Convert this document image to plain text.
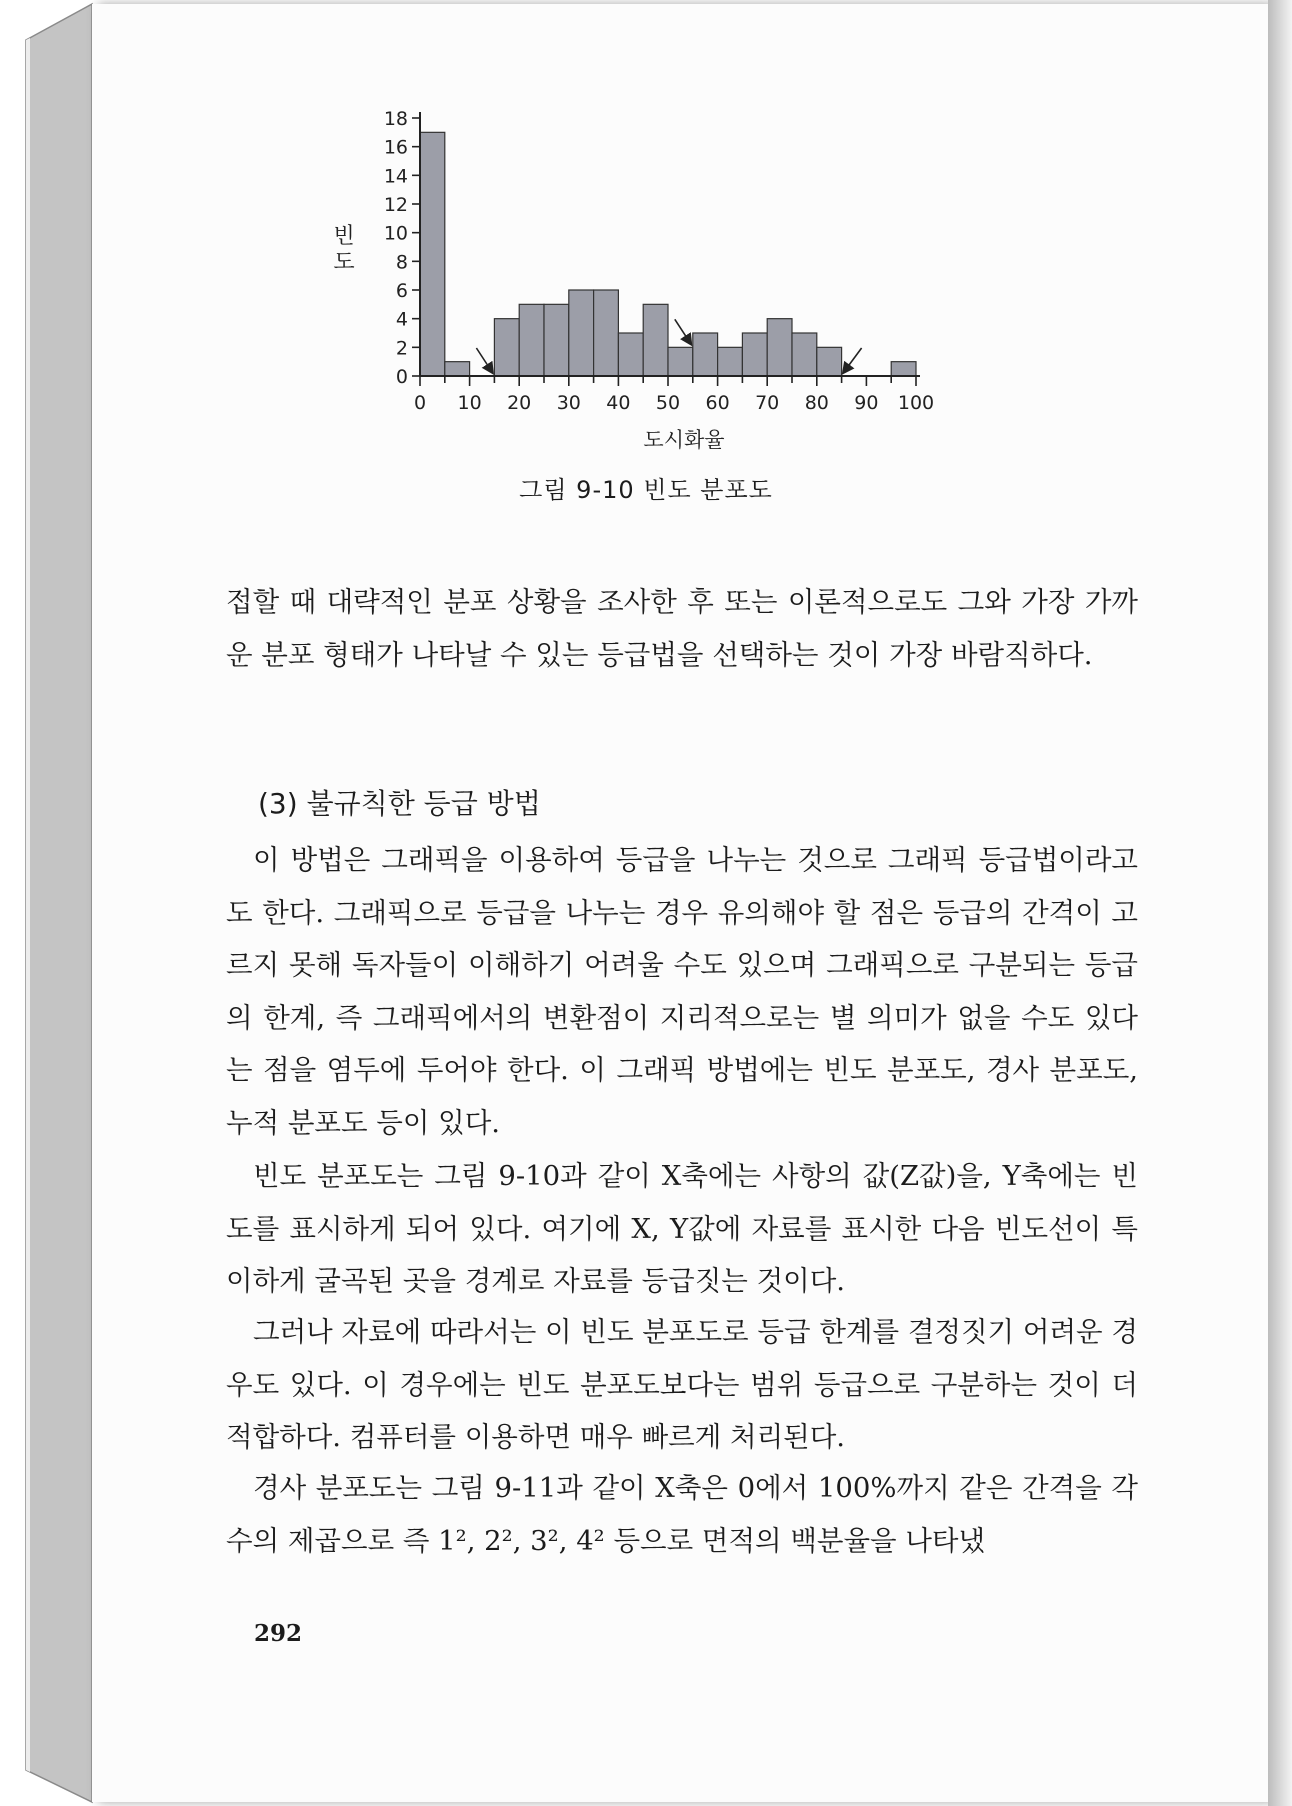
0
2
4
6
8
10
12
14
16
18
0 10 20 30 40 50 60 70 80 90 100
빈
도
도시화율
그림 9-10 빈도 분포도

접할 때 대략적인 분포 상황을 조사한 후 또는 이론적으로도 그와 가장 가까운 분포 형태가 나타날 수 있는 등급법을 선택하는 것이 가장 바람직하다.

(3) 불규칙한 등급 방법

이 방법은 그래픽을 이용하여 등급을 나누는 것으로 그래픽 등급법이라고도 한다. 그래픽으로 등급을 나누는 경우 유의해야 할 점은 등급의 간격이 고르지 못해 독자들이 이해하기 어려울 수도 있으며 그래픽으로 구분되는 등급의 한계, 즉 그래픽에서의 변환점이 지리적으로는 별 의미가 없을 수도 있다는 점을 염두에 두어야 한다. 이 그래픽 방법에는 빈도 분포도, 경사 분포도, 누적 분포도 등이 있다.

빈도 분포도는 그림 9-10과 같이 X축에는 사항의 값(Z값)을, Y축에는 빈도를 표시하게 되어 있다. 여기에 X, Y값에 자료를 표시한 다음 빈도선이 특이하게 굴곡된 곳을 경계로 자료를 등급짓는 것이다.

그러나 자료에 따라서는 이 빈도 분포도로 등급 한계를 결정짓기 어려운 경우도 있다. 이 경우에는 빈도 분포도보다는 범위 등급으로 구분하는 것이 더 적합하다. 컴퓨터를 이용하면 매우 빠르게 처리된다.

경사 분포도는 그림 9-11과 같이 X축은 0에서 100%까지 같은 간격을 각 수의 제곱으로 즉 1², 2², 3², 4² 등으로 면적의 백분율을 나타냈

292
